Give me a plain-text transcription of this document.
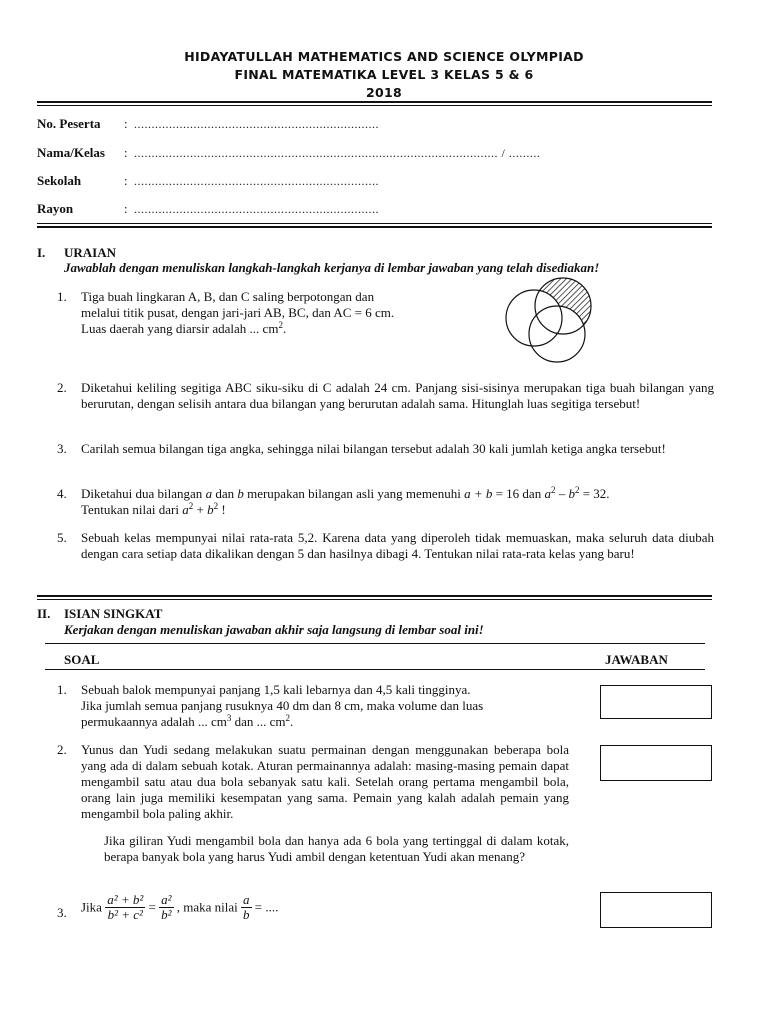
HIDAYATULLAH MATHEMATICS AND SCIENCE OLYMPIAD
FINAL MATEMATIKA LEVEL 3 KELAS 5 & 6
2018
No. Peserta : ......................................................................
Nama/Kelas : ........................................................................................................ / .........
Sekolah	: ......................................................................
Rayon	: ......................................................................
I. URAIAN
Jawablah dengan menuliskan langkah-langkah kerjanya di lembar jawaban yang telah disediakan!
1. Tiga buah lingkaran A, B, dan C saling berpotongan dan
melalui titik pusat, dengan jari-jari AB, BC, dan AC = 6 cm.
Luas daerah yang diarsir adalah ... $cm^2$.
2. Diketahui keliling segitiga ABC siku-siku di C adalah 24 cm. Panjang sisi-sisinya merupakan tiga buah bilangan yang berurutan, dengan selisih antara dua bilangan yang berurutan adalah sama. Hitunglah luas segitiga tersebut!
3. Carilah semua bilangan tiga angka, sehingga nilai bilangan tersebut adalah 30 kali jumlah ketiga angka tersebut!
4. Diketahui dua bilangan a dan b merupakan bilangan asli yang memenuhi a + b = 16 dan $a^2 - b^2 = 32$.
Tentukan nilai dari $a^2 + b^2$ !
5. Sebuah kelas mempunyai nilai rata-rata 5,2. Karena data yang diperoleh tidak memuaskan, maka seluruh data diubah dengan cara setiap data dikalikan dengan 5 dan hasilnya dibagi 4. Tentukan nilai rata-rata kelas yang baru!
II. ISIAN SINGKAT
Kerjakan dengan menuliskan jawaban akhir saja langsung di lembar soal ini!
SOAL	JAWABAN
1. Sebuah balok mempunyai panjang 1,5 kali lebarnya dan 4,5 kali tingginya.
Jika jumlah semua panjang rusuknya 40 dm dan 8 cm, maka volume dan luas
permukaannya adalah ... $cm^3$ dan ... $cm^2$.
2. Yunus dan Yudi sedang melakukan suatu permainan dengan menggunakan beberapa bola yang ada di dalam sebuah kotak. Aturan permainannya adalah: masing-masing pemain dapat mengambil satu atau dua bola sebanyak satu kali. Setelah orang pertama mengambil bola, orang lain juga memiliki kesempatan yang sama. Pemain yang kalah adalah pemain yang mengambil bola paling akhir.
Jika giliran Yudi mengambil bola dan hanya ada 6 bola yang tertinggal di dalam kotak, berapa banyak bola yang harus Yudi ambil dengan ketentuan Yudi akan menang?
3. Jika $\frac{\text{a² + b²}}{\text{b² + c²}} = \frac{\text{a²}}{\text{b²}}$ , maka nilai $\frac{a}{b}$ = ....
